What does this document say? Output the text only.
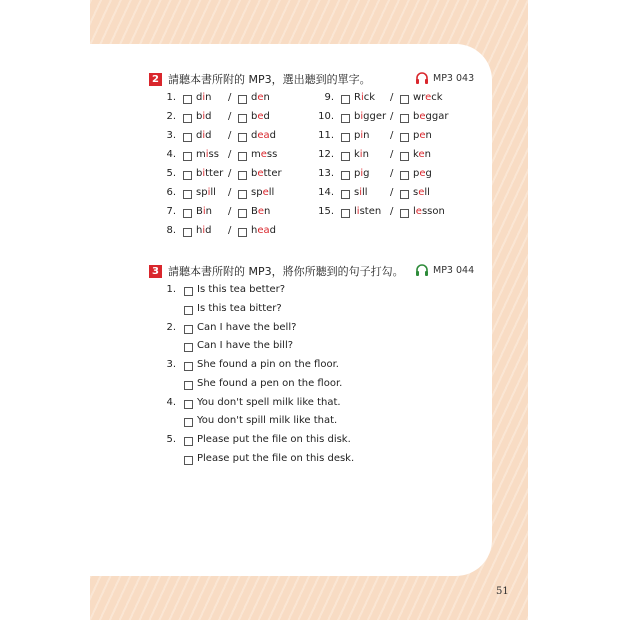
2 請聽本書所附的 MP3，選出聽到的單字。	MP3 043
1. din / den
2. bid / bed
3. did / dead
4. miss / mess
5. bitter / better
6. spill / spell
7. Bin / Ben
8. hid / head
9. Rick / wreck
10. bigger / beggar
11. pin / pen
12. kin / ken
13. pig / peg
14. sill / sell
15. listen / lesson
3 請聽本書所附的 MP3，將你所聽到的句子打勾。	MP3 044
1. Is this tea better?
Is this tea bitter?
2. Can I have the bell?
Can I have the bill?
3. She found a pin on the floor.
She found a pen on the floor.
4. You don't spell milk like that.
You don't spill milk like that.
5. Please put the file on this disk.
Please put the file on this desk.
51
